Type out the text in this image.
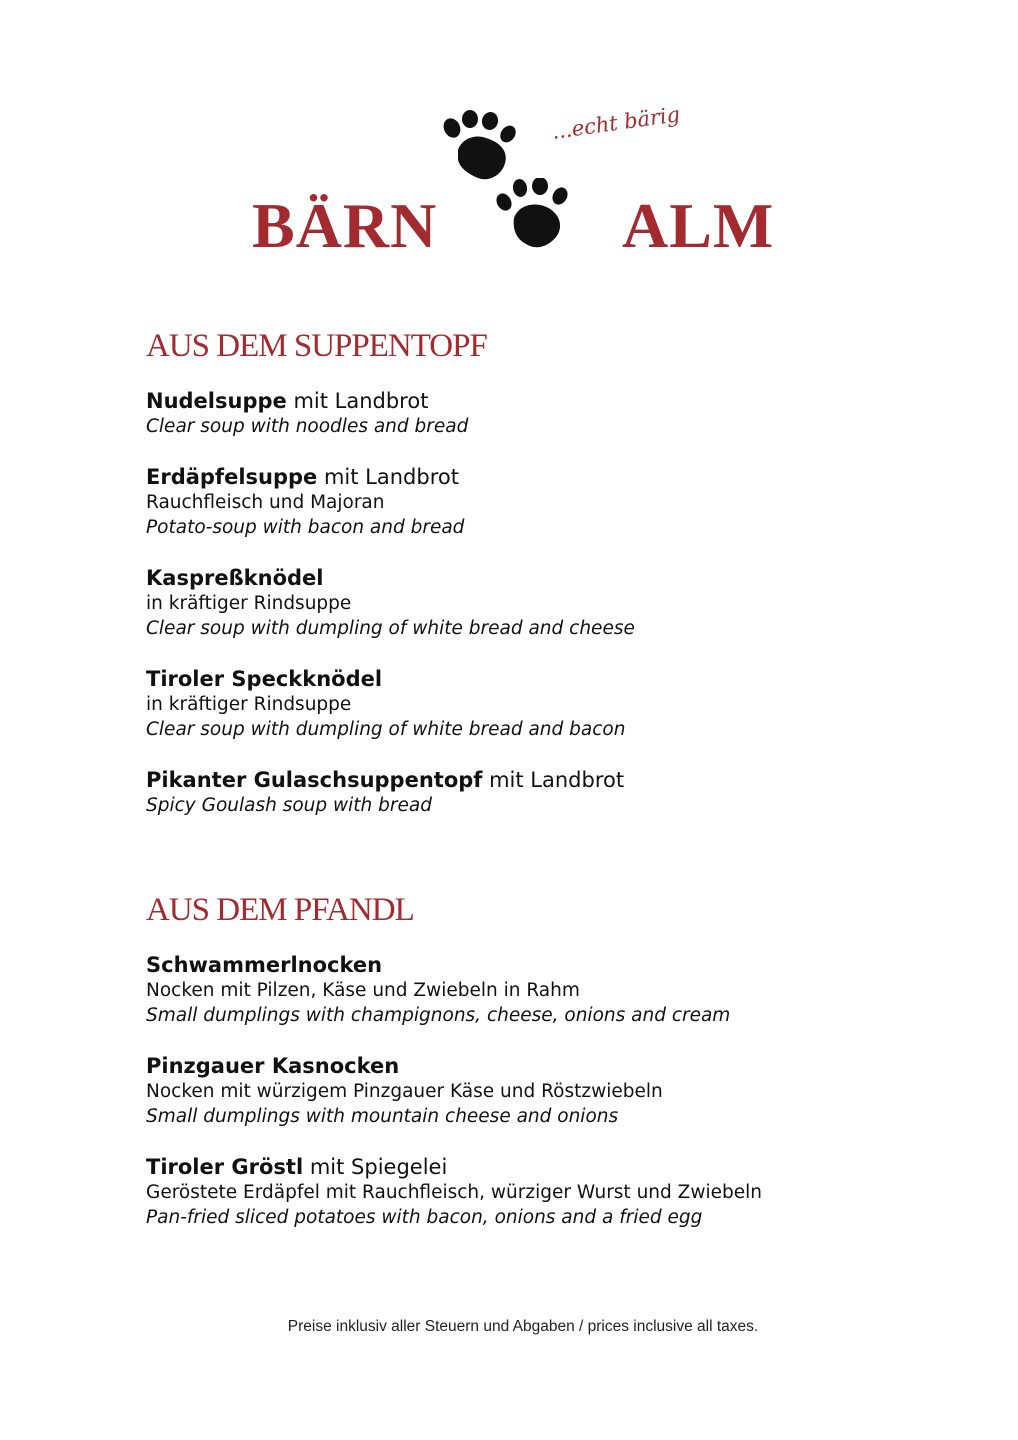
...echt bärig
BÄRN	ALM
AUS DEM SUPPENTOPF
Nudelsuppe mit Landbrot
Clear soup with noodles and bread
Erdäpfelsuppe mit Landbrot
Rauchfleisch und Majoran
Potato-soup with bacon and bread
Kaspreßknödel
in kräftiger Rindsuppe
Clear soup with dumpling of white bread and cheese
Tiroler Speckknödel
in kräftiger Rindsuppe
Clear soup with dumpling of white bread and bacon
Pikanter Gulaschsuppentopf mit Landbrot
Spicy Goulash soup with bread
AUS DEM PFANDL
Schwammerlnocken
Nocken mit Pilzen, Käse und Zwiebeln in Rahm
Small dumplings with champignons, cheese, onions and cream
Pinzgauer Kasnocken
Nocken mit würzigem Pinzgauer Käse und Röstzwiebeln
Small dumplings with mountain cheese and onions
Tiroler Gröstl mit Spiegelei
Geröstete Erdäpfel mit Rauchfleisch, würziger Wurst und Zwiebeln
Pan-fried sliced potatoes with bacon, onions and a fried egg
Preise inklusiv aller Steuern und Abgaben / prices inclusive all taxes.
